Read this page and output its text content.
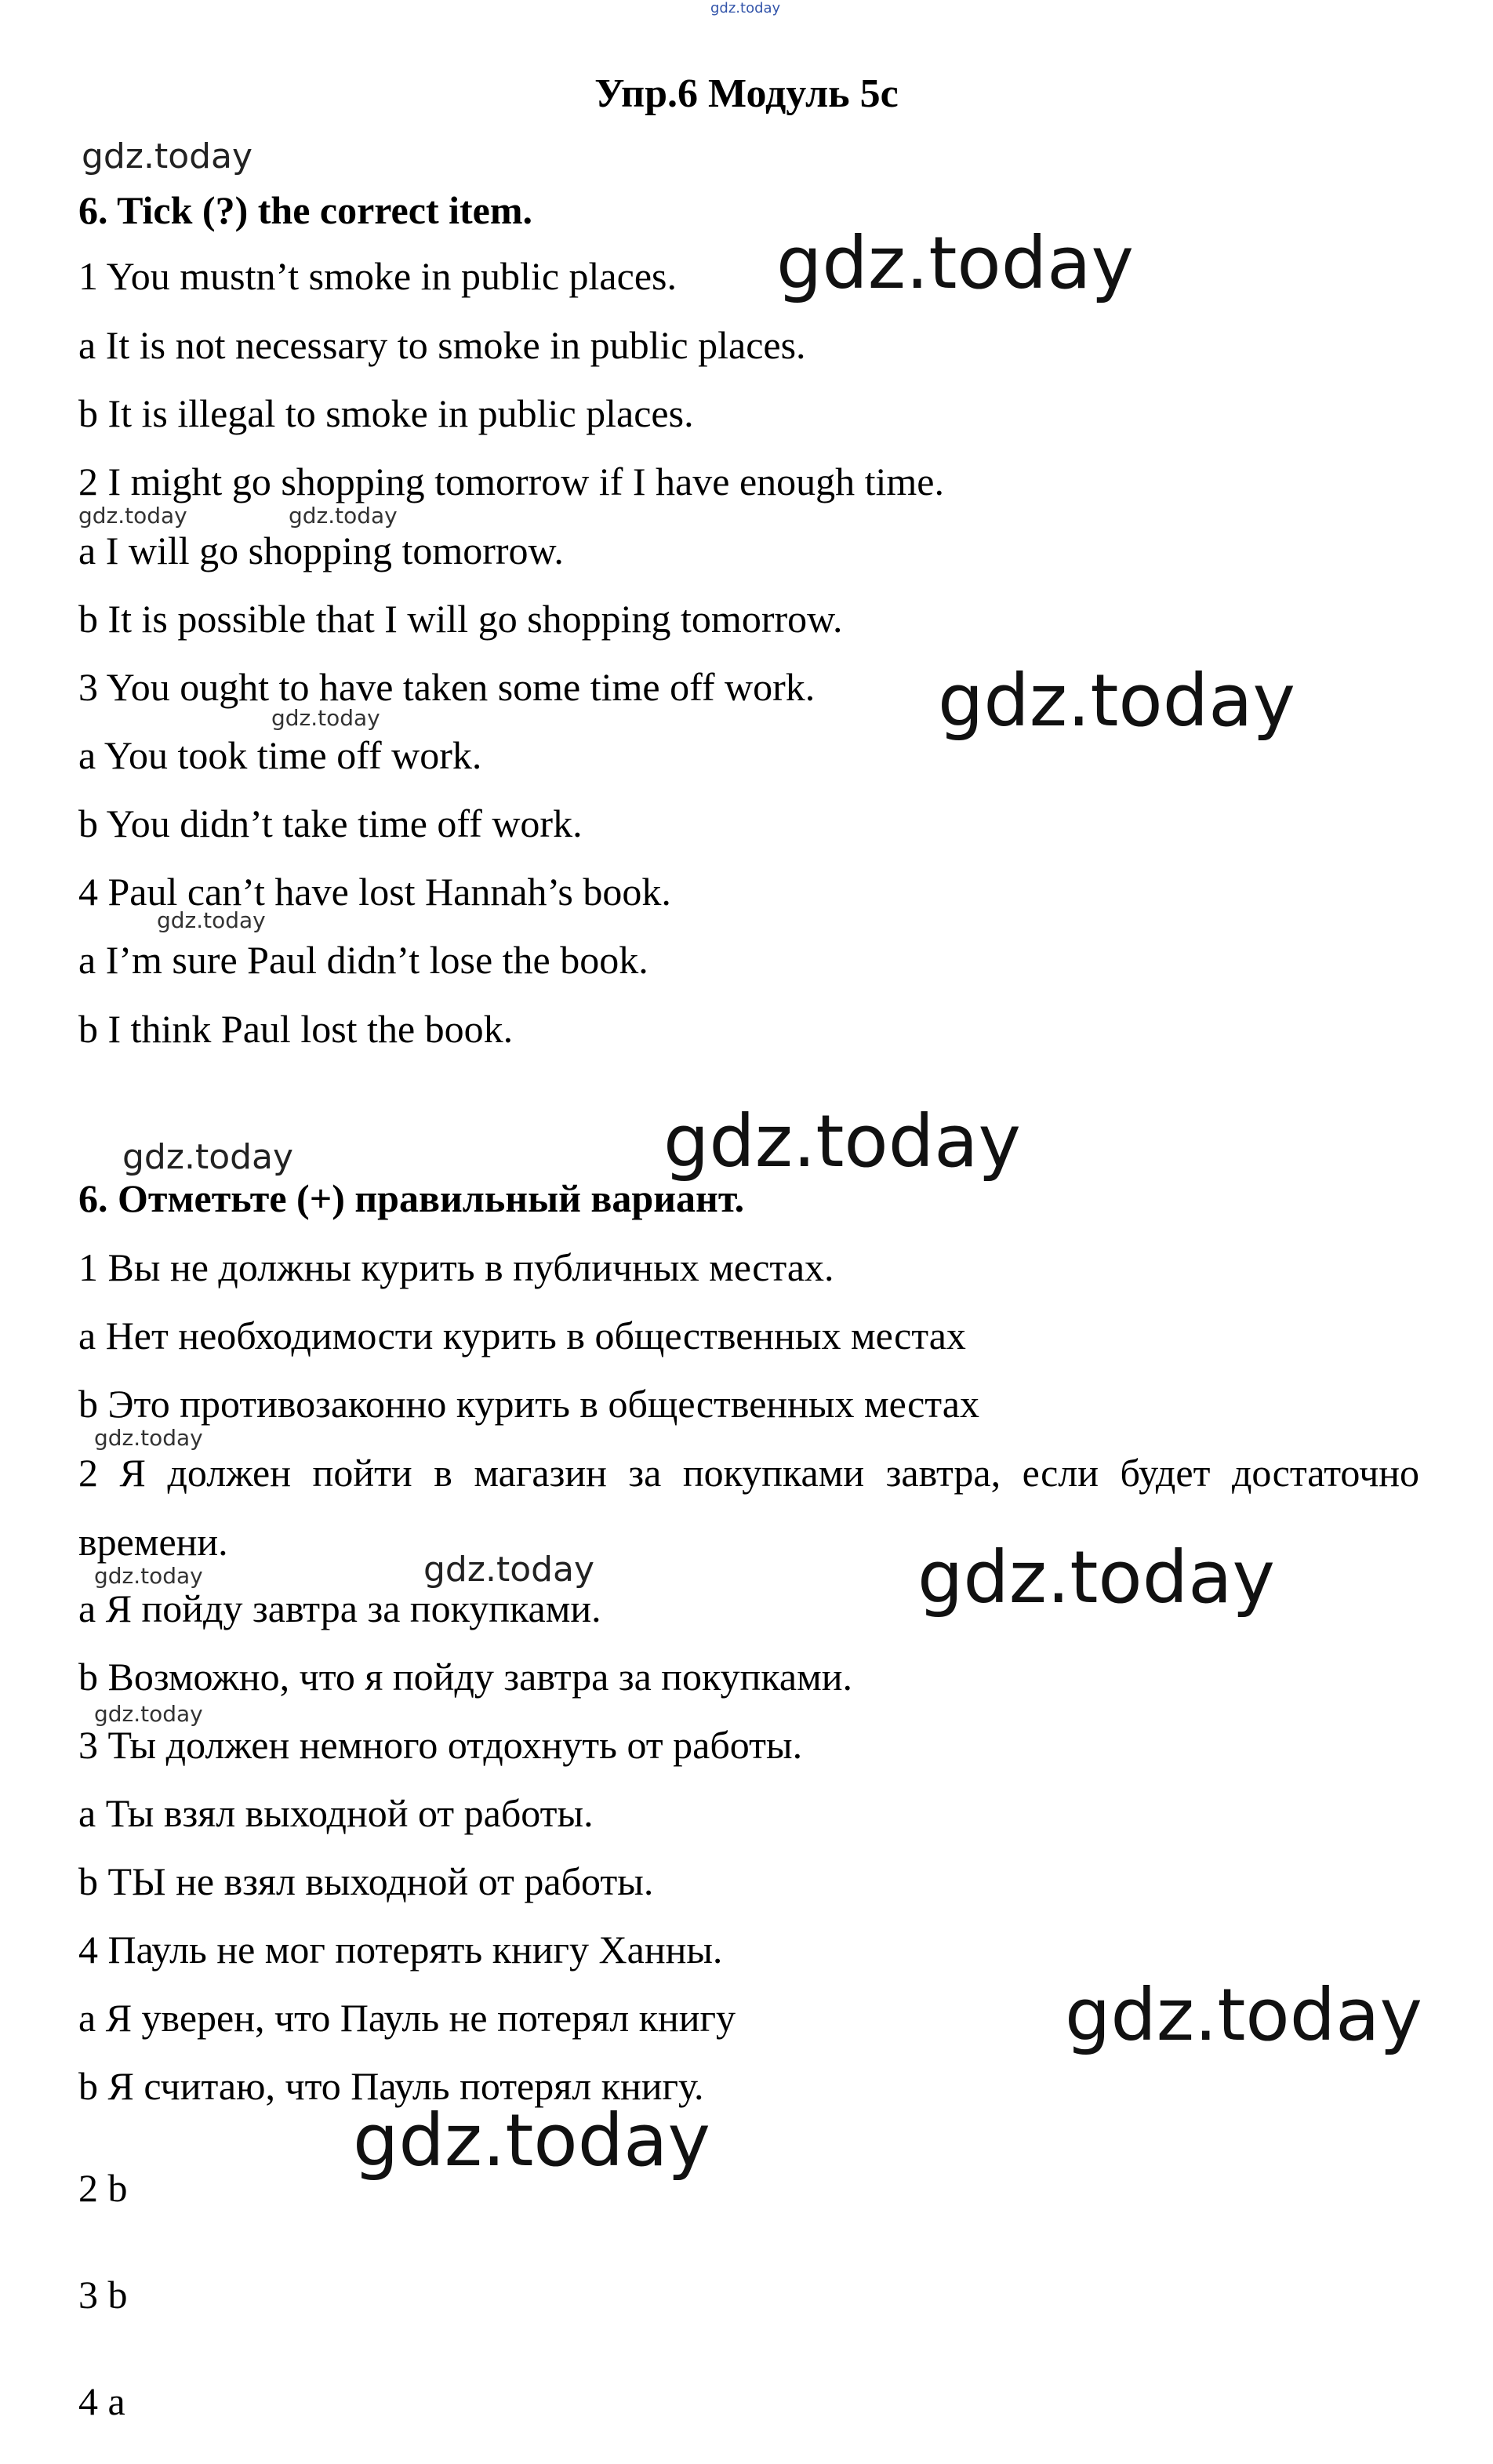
gdz.today
Упр.6 Модуль 5c
6. Tick (?) the correct item.
1 You mustn’t smoke in public places.
a It is not necessary to smoke in public places.
b It is illegal to smoke in public places.
2 I might go shopping tomorrow if I have enough time.
a I will go shopping tomorrow.
b It is possible that I will go shopping tomorrow.
3 You ought to have taken some time off work.
a You took time off work.
b You didn’t take time off work.
4 Paul can’t have lost Hannah’s book.
a I’m sure Paul didn’t lose the book.
b I think Paul lost the book.
6. Отметьте (+) правильный вариант.
1 Вы не должны курить в публичных местах.
a Нет необходимости курить в общественных местах
b Это противозаконно курить в общественных местах
2 Я должен пойти в магазин за покупками завтра, если будет достаточно времени.
a Я пойду завтра за покупками.
b Возможно, что я пойду завтра за покупками.
3 Ты должен немного отдохнуть от работы.
a Ты взял выходной от работы.
b ТЫ не взял выходной от работы.
4 Пауль не мог потерять книгу Ханны.
a Я уверен, что Пауль не потерял книгу
b Я считаю, что Пауль потерял книгу.
2 b
3 b
4 a
gdz.today
gdz.today
gdz.today	gdz.today
gdz.today
gdz.today
gdz.today
gdz.today
gdz.today
gdz.today
gdz.today	gdz.today	gdz.today
gdz.today
gdz.today
gdz.today
